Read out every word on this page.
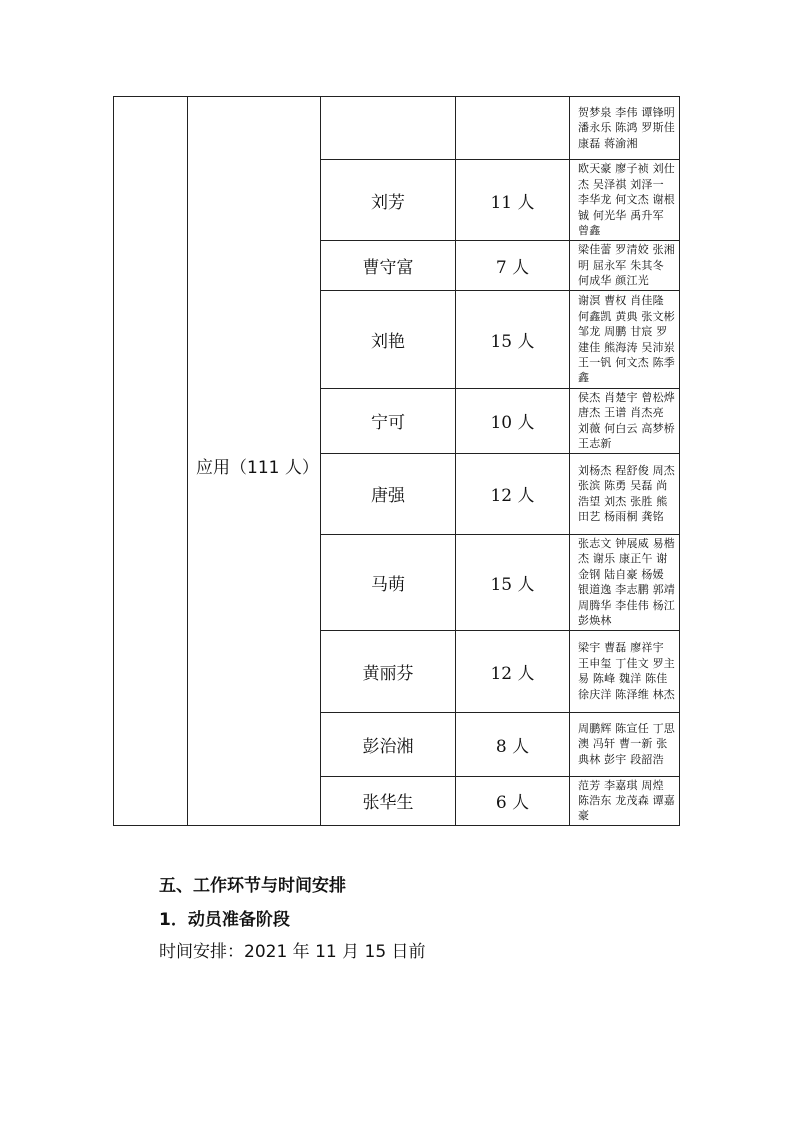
	应用（111 人）			贺梦泉 李伟 谭锋明 潘永乐 陈鸿 罗斯佳 康磊 蒋渝湘
		刘芳	11 人	欧天豪 廖子祯 刘仕杰 吴泽祺 刘泽一 李华龙 何文杰 谢根铖 何光华 禹升军 曾鑫
		曹守富	7 人	梁佳蕾 罗清姣 张湘明 屈永军 朱其冬 何成华 颜江光
		刘艳	15 人	谢溟 曹权 肖佳隆 何鑫凯 黄典 张文彬 邹龙 周鹏 甘宸 罗建佳 熊海涛 吴沛岽 王一钒 何文杰 陈季鑫
		宁可	10 人	侯杰 肖楚宇 曾松烨 唐杰 王谱 肖杰亮 刘薇 何白云 高梦桥 王志新
		唐强	12 人	刘杨杰 程舒俊 周杰 张滨 陈勇 吴磊 尚浩望 刘杰 张胜 熊田艺 杨雨桐 龚铭
		马萌	15 人	张志文 钟展威 易楷杰 谢乐 康正午 谢金钢 陆自豪 杨媛 银道逸 李志鹏 郭靖 周腾华 李佳伟 杨江 彭焕林
		黄丽芬	12 人	梁宇 曹磊 廖祥宇 王申玺 丁佳文 罗主易 陈峰 魏洋 陈佳 徐庆洋 陈泽维 林杰
		彭治湘	8 人	周鹏辉 陈宣任 丁思澳 冯轩 曹一新 张典林 彭宇 段韶浩
		张华生	6 人	范芳 李嘉琪 周煌 陈浩东 龙茂森 谭嘉豪
五、工作环节与时间安排
1．动员准备阶段
时间安排：2021 年 11 月 15 日前
